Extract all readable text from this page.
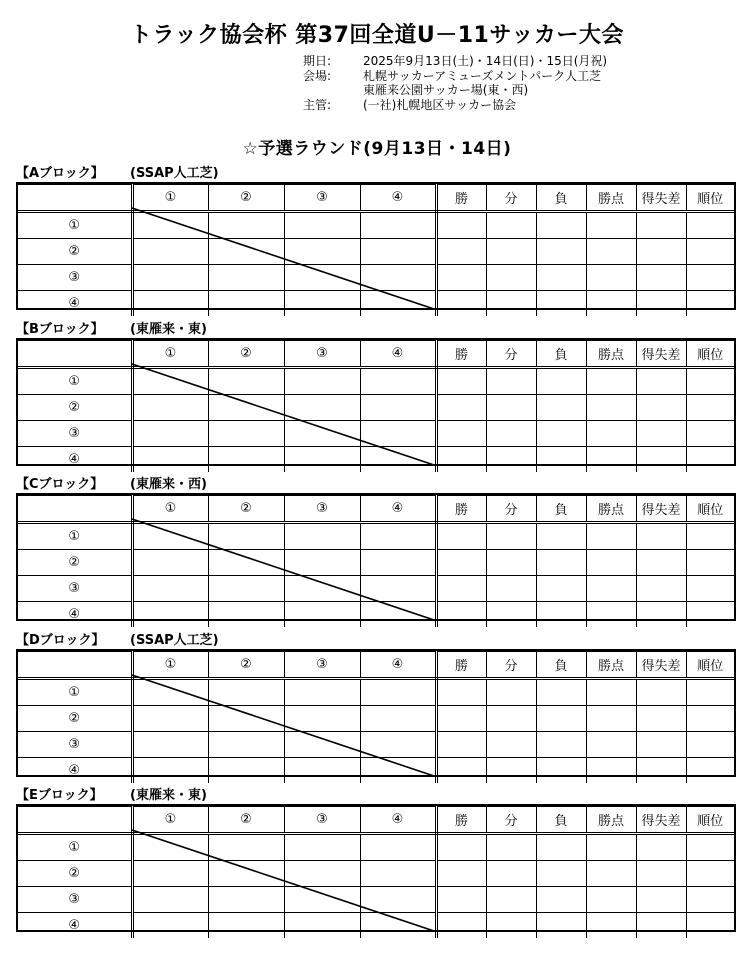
トラック協会杯 第37回全道U－11サッカー大会
期日:	2025年9月13日(土)・14日(日)・15日(月祝)
会場:	札幌サッカーアミューズメントパーク人工芝
東雁来公園サッカー場(東・西)
主管:	(一社)札幌地区サッカー協会
☆予選ラウンド(9月13日・14日)
【Aブロック】	(SSAP人工芝)
	①	②	③	④	勝	分	負	勝点	得失差	順位
①										
②										
③										
④										
【Bブロック】	(東雁来・東)
	①	②	③	④	勝	分	負	勝点	得失差	順位
①										
②										
③										
④										
【Cブロック】	(東雁来・西)
	①	②	③	④	勝	分	負	勝点	得失差	順位
①										
②										
③										
④										
【Dブロック】	(SSAP人工芝)
	①	②	③	④	勝	分	負	勝点	得失差	順位
①										
②										
③										
④										
【Eブロック】	(東雁来・東)
	①	②	③	④	勝	分	負	勝点	得失差	順位
①										
②										
③										
④										
